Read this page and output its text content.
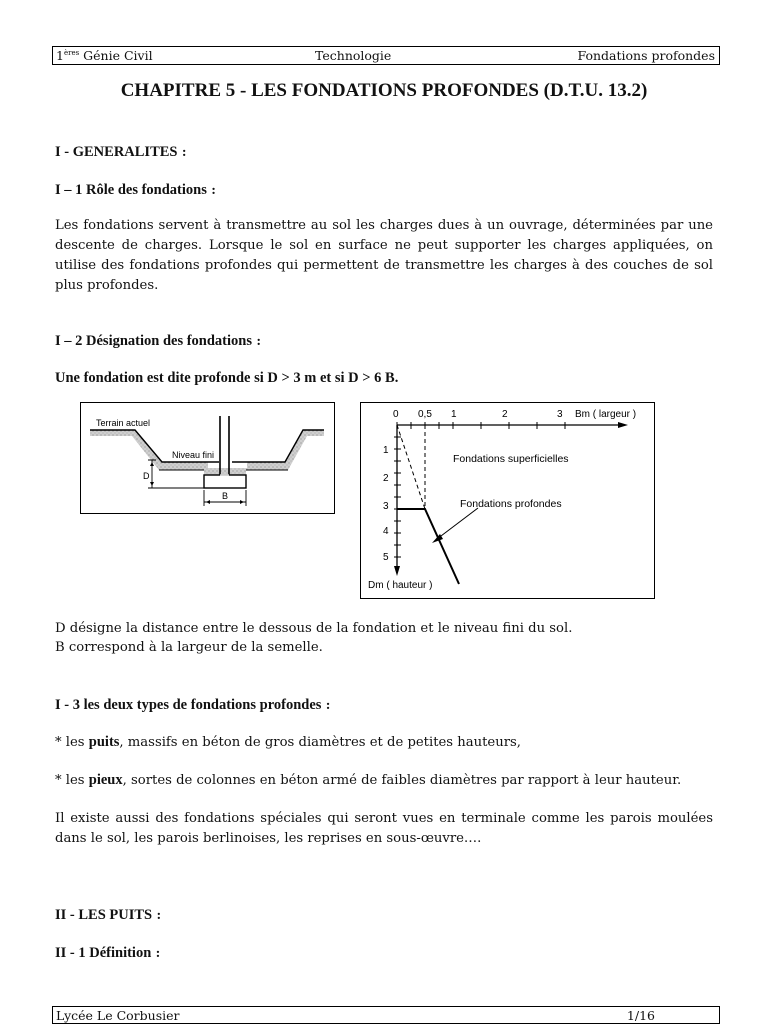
1ères Génie Civil	Technologie	Fondations profondes
CHAPITRE 5 - LES FONDATIONS PROFONDES (D.T.U. 13.2)
I - GENERALITES :
I – 1 Rôle des fondations :
Les fondations servent à transmettre au sol les charges dues à un ouvrage, déterminées par une
descente de charges. Lorsque le sol en surface ne peut supporter les charges appliquées, on
utilise des fondations profondes qui permettent de transmettre les charges à des couches de sol
plus profondes.
I – 2 Désignation des fondations :
Une fondation est dite profonde si D > 3 m et si D > 6 B.
Terrain actuel
Niveau fini
D
B
0 0,5 1	2	3 Bm ( largeur )
1
2
3
4
5
Dm ( hauteur )
Fondations superficielles
Fondations profondes
D désigne la distance entre le dessous de la fondation et le niveau fini du sol.
B correspond à la largeur de la semelle.
I - 3 les deux types de fondations profondes :
* les puits, massifs en béton de gros diamètres et de petites hauteurs,
* les pieux, sortes de colonnes en béton armé de faibles diamètres par rapport à leur hauteur.
Il existe aussi des fondations spéciales qui seront vues en terminale comme les parois moulées
dans le sol, les parois berlinoises, les reprises en sous-œuvre….
II - LES PUITS :
II - 1 Définition :
Lycée Le Corbusier	1/16
